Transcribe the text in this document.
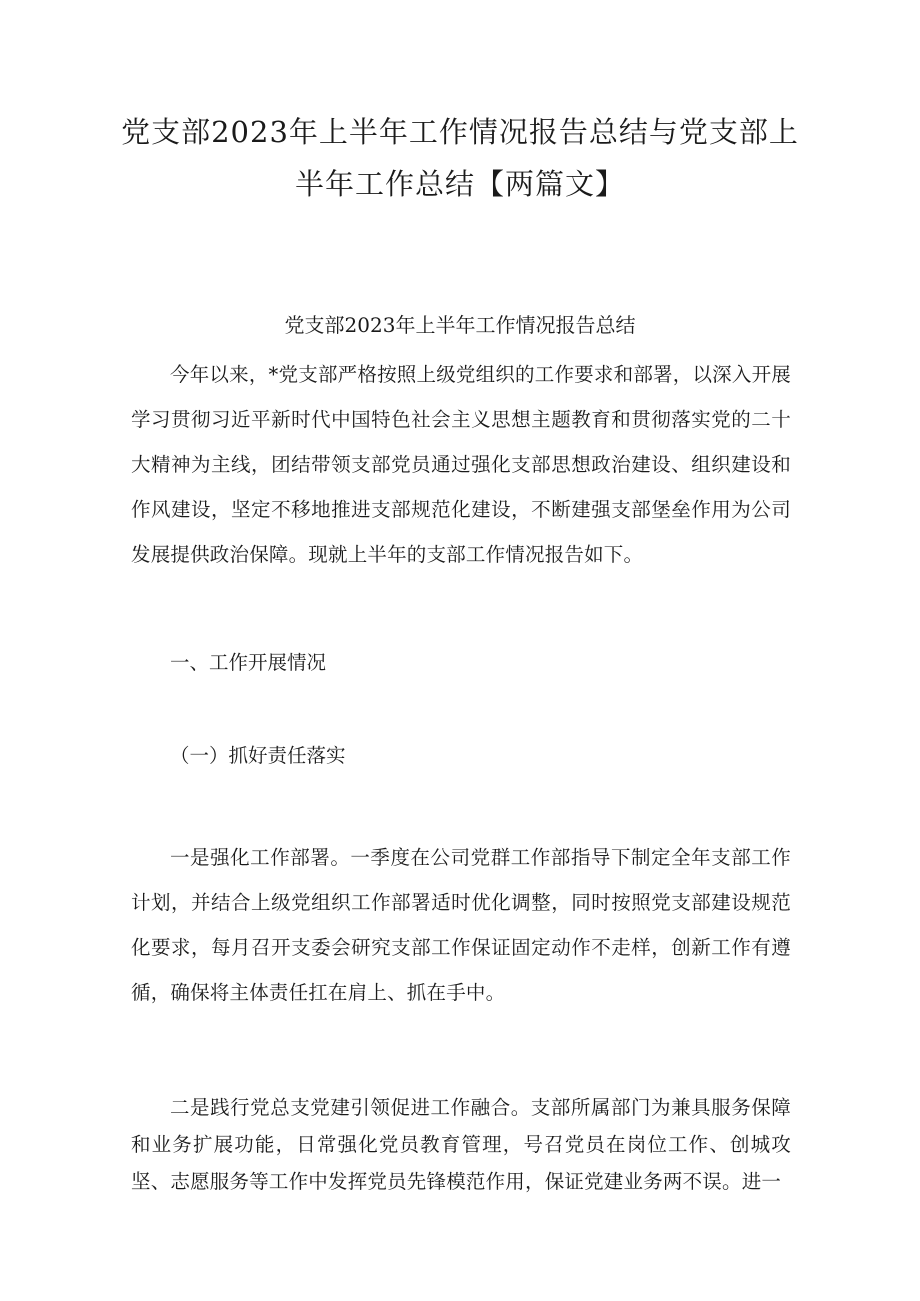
党支部2023年上半年工作情况报告总结与党支部上半年工作总结【两篇文】
党支部2023年上半年工作情况报告总结

今年以来，*党支部严格按照上级党组织的工作要求和部署，以深入开展学习贯彻习近平新时代中国特色社会主义思想主题教育和贯彻落实党的二十大精神为主线，团结带领支部党员通过强化支部思想政治建设、组织建设和作风建设，坚定不移地推进支部规范化建设，不断建强支部堡垒作用为公司发展提供政治保障。现就上半年的支部工作情况报告如下。

一、工作开展情况

（一）抓好责任落实

一是强化工作部署。一季度在公司党群工作部指导下制定全年支部工作计划，并结合上级党组织工作部署适时优化调整，同时按照党支部建设规范化要求，每月召开支委会研究支部工作保证固定动作不走样，创新工作有遵循，确保将主体责任扛在肩上、抓在手中。

二是践行党总支党建引领促进工作融合。支部所属部门为兼具服务保障和业务扩展功能，日常强化党员教育管理，号召党员在岗位工作、创城攻坚、志愿服务等工作中发挥党员先锋模范作用，保证党建业务两不误。进一
